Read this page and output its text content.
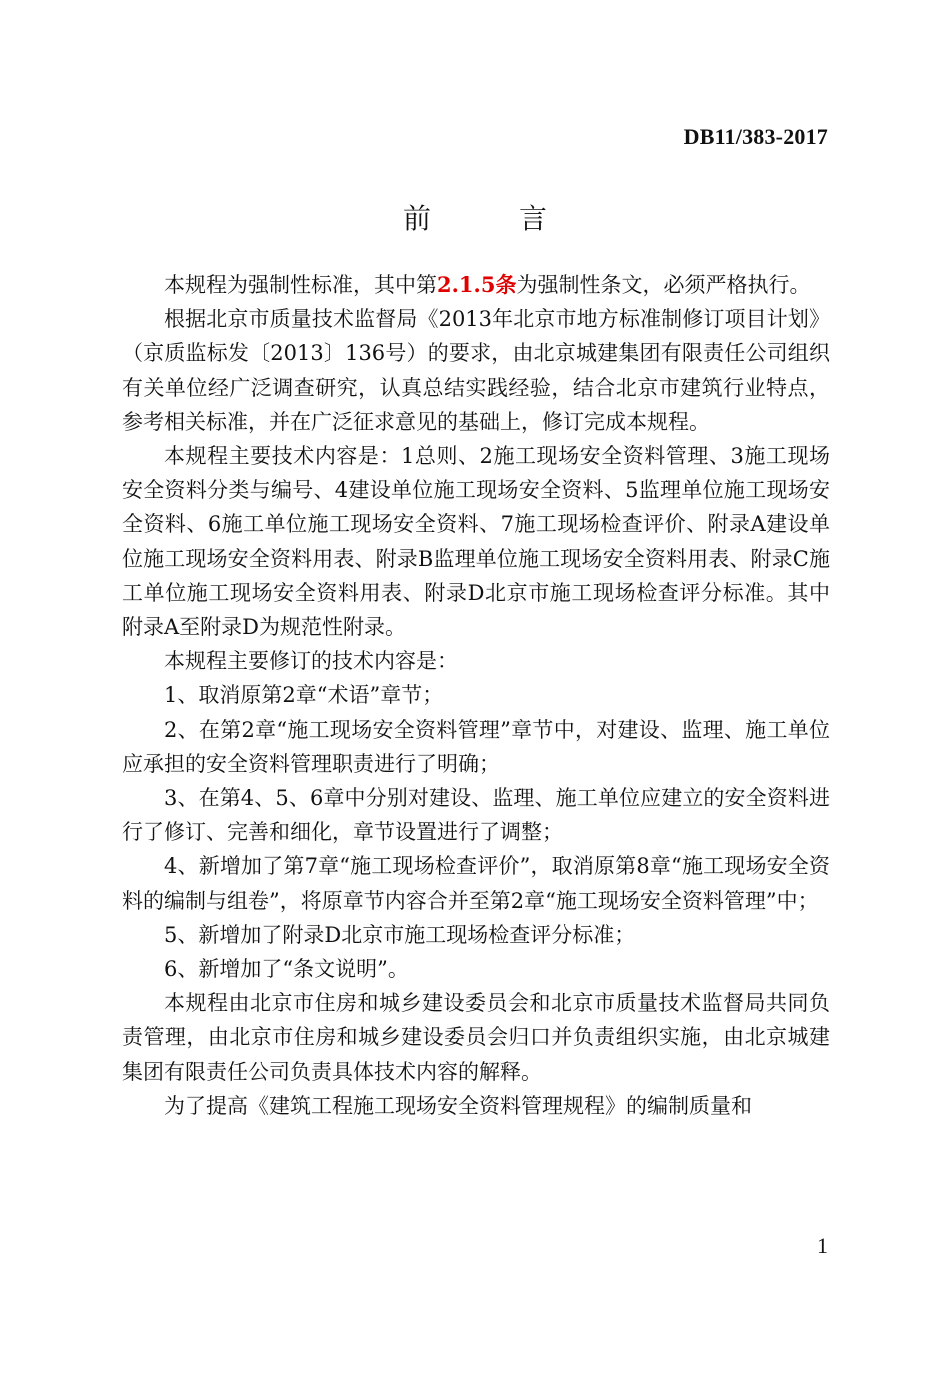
DB11/383-2017
前　言

本规程为强制性标准，其中第2.1.5条为强制性条文，必须严格执行。

根据北京市质量技术监督局《2013年北京市地方标准制修订项目计划》（京质监标发〔2013〕136号）的要求，由北京城建集团有限责任公司组织有关单位经广泛调查研究，认真总结实践经验，结合北京市建筑行业特点，参考相关标准，并在广泛征求意见的基础上，修订完成本规程。

本规程主要技术内容是：1总则、2施工现场安全资料管理、3施工现场安全资料分类与编号、4建设单位施工现场安全资料、5监理单位施工现场安全资料、6施工单位施工现场安全资料、7施工现场检查评价、附录A建设单位施工现场安全资料用表、附录B监理单位施工现场安全资料用表、附录C施工单位施工现场安全资料用表、附录D北京市施工现场检查评分标准。其中附录A至附录D为规范性附录。

本规程主要修订的技术内容是：

1、取消原第2章“术语”章节；

2、在第2章“施工现场安全资料管理”章节中，对建设、监理、施工单位应承担的安全资料管理职责进行了明确；

3、在第4、5、6章中分别对建设、监理、施工单位应建立的安全资料进行了修订、完善和细化，章节设置进行了调整；

4、新增加了第7章“施工现场检查评价”，取消原第8章“施工现场安全资料的编制与组卷”，将原章节内容合并至第2章“施工现场安全资料管理”中；

5、新增加了附录D北京市施工现场检查评分标准；

6、新增加了“条文说明”。

本规程由北京市住房和城乡建设委员会和北京市质量技术监督局共同负责管理，由北京市住房和城乡建设委员会归口并负责组织实施，由北京城建集团有限责任公司负责具体技术内容的解释。

为了提高《建筑工程施工现场安全资料管理规程》的编制质量和

1
